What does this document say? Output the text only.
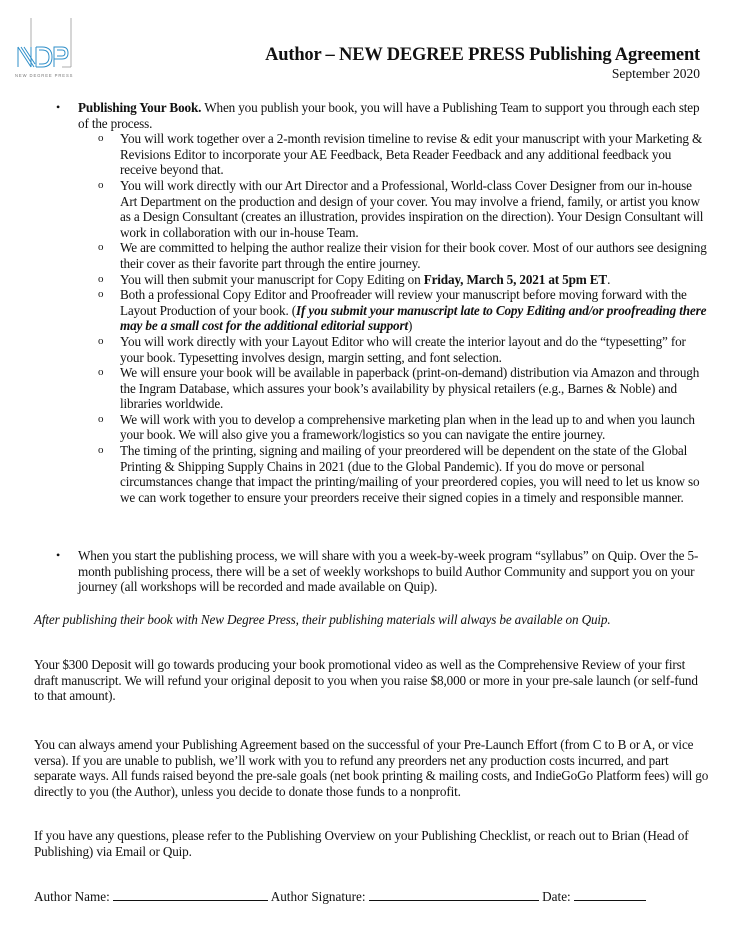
NEW DEGREE PRESS
Author – NEW DEGREE PRESS Publishing Agreement
September 2020
• Publishing Your Book. When you publish your book, you will have a Publishing Team to support you through each step of the process.
o You will work together over a 2-month revision timeline to revise & edit your manuscript with your Marketing & Revisions Editor to incorporate your AE Feedback, Beta Reader Feedback and any additional feedback you receive beyond that.
o You will work directly with our Art Director and a Professional, World-class Cover Designer from our in-house Art Department on the production and design of your cover. You may involve a friend, family, or artist you know as a Design Consultant (creates an illustration, provides inspiration on the direction). Your Design Consultant will work in collaboration with our in-house Team.
o We are committed to helping the author realize their vision for their book cover. Most of our authors see designing their cover as their favorite part through the entire journey.
o You will then submit your manuscript for Copy Editing on Friday, March 5, 2021 at 5pm ET.
o Both a professional Copy Editor and Proofreader will review your manuscript before moving forward with the Layout Production of your book. (If you submit your manuscript late to Copy Editing and/or proofreading there may be a small cost for the additional editorial support)
o You will work directly with your Layout Editor who will create the interior layout and do the “typesetting” for your book. Typesetting involves design, margin setting, and font selection.
o We will ensure your book will be available in paperback (print-on-demand) distribution via Amazon and through the Ingram Database, which assures your book’s availability by physical retailers (e.g., Barnes & Noble) and libraries worldwide.
o We will work with you to develop a comprehensive marketing plan when in the lead up to and when you launch your book. We will also give you a framework/logistics so you can navigate the entire journey.
o The timing of the printing, signing and mailing of your preordered will be dependent on the state of the Global Printing & Shipping Supply Chains in 2021 (due to the Global Pandemic). If you do move or personal circumstances change that impact the printing/mailing of your preordered copies, you will need to let us know so we can work together to ensure your preorders receive their signed copies in a timely and responsible manner.
• When you start the publishing process, we will share with you a week-by-week program “syllabus” on Quip. Over the 5-month publishing process, there will be a set of weekly workshops to build Author Community and support you on your journey (all workshops will be recorded and made available on Quip).

After publishing their book with New Degree Press, their publishing materials will always be available on Quip.

Your $300 Deposit will go towards producing your book promotional video as well as the Comprehensive Review of your first draft manuscript. We will refund your original deposit to you when you raise $8,000 or more in your pre-sale launch (or self-fund to that amount).

You can always amend your Publishing Agreement based on the successful of your Pre-Launch Effort (from C to B or A, or vice versa). If you are unable to publish, we’ll work with you to refund any preorders net any production costs incurred, and part separate ways. All funds raised beyond the pre-sale goals (net book printing & mailing costs, and IndieGoGo Platform fees) will go directly to you (the Author), unless you decide to donate those funds to a nonprofit.

If you have any questions, please refer to the Publishing Overview on your Publishing Checklist, or reach out to Brian (Head of Publishing) via Email or Quip.

Author Name:	Author Signature:	Date:
